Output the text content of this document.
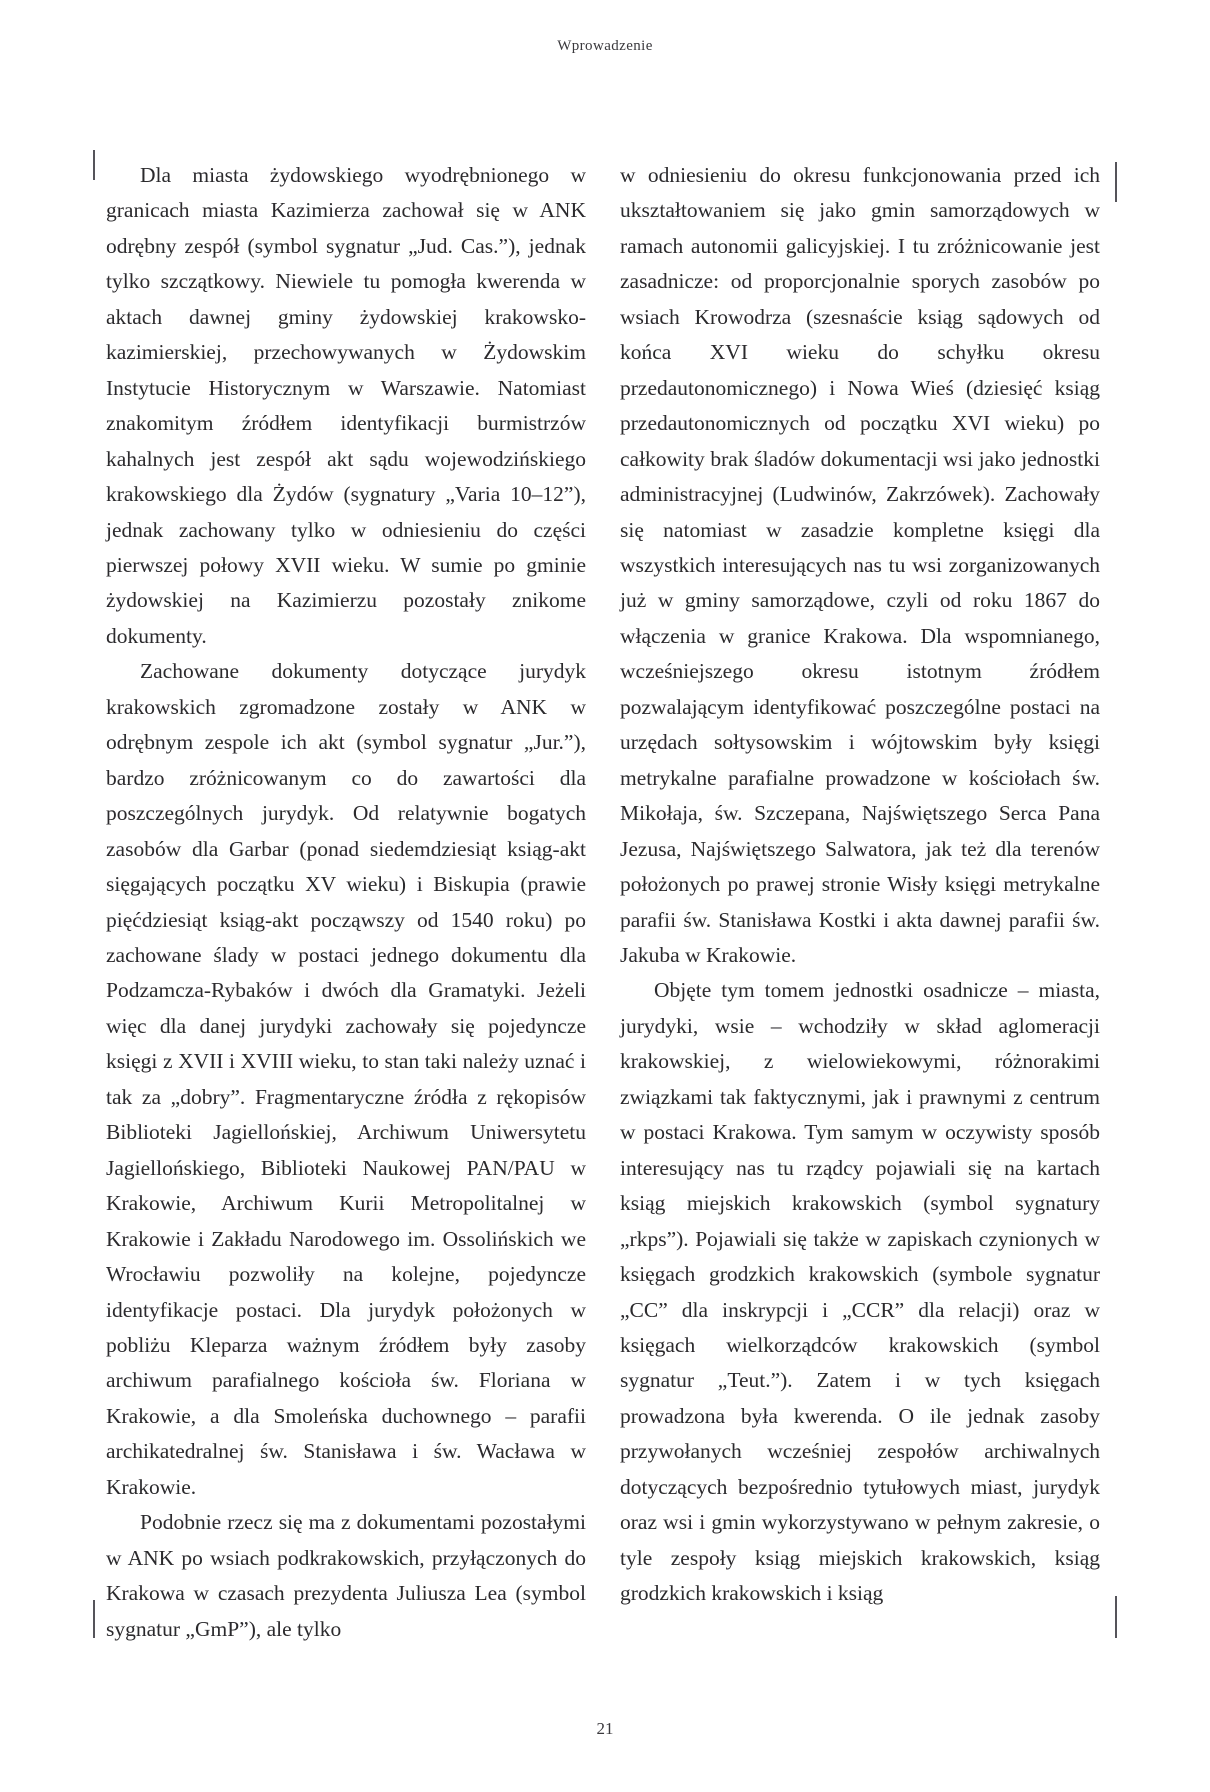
Wprowadzenie

Dla miasta żydowskiego wyodrębnionego w granicach miasta Kazimierza zachował się w ANK odrębny zespół (symbol sygnatur „Jud. Cas.”), jednak tylko szczątkowy. Niewiele tu pomogła kwerenda w aktach dawnej gminy żydowskiej krakowsko-kazimierskiej, przechowywanych w Żydowskim Instytucie Historycznym w Warszawie. Natomiast znakomitym źródłem identyfikacji burmistrzów kahalnych jest zespół akt sądu wojewodzińskiego krakowskiego dla Żydów (sygnatury „Varia 10–12”), jednak zachowany tylko w odniesieniu do części pierwszej połowy XVII wieku. W sumie po gminie żydowskiej na Kazimierzu pozostały znikome dokumenty.

Zachowane dokumenty dotyczące jurydyk krakowskich zgromadzone zostały w ANK w odrębnym zespole ich akt (symbol sygnatur „Jur.”), bardzo zróżnicowanym co do zawartości dla poszczególnych jurydyk. Od relatywnie bogatych zasobów dla Garbar (ponad siedemdziesiąt ksiąg-akt sięgających początku XV wieku) i Biskupia (prawie pięćdziesiąt ksiąg-akt począwszy od 1540 roku) po zachowane ślady w postaci jednego dokumentu dla Podzamcza-Rybaków i dwóch dla Gramatyki. Jeżeli więc dla danej jurydyki zachowały się pojedyncze księgi z XVII i XVIII wieku, to stan taki należy uznać i tak za „dobry”. Fragmentaryczne źródła z rękopisów Biblioteki Jagiellońskiej, Archiwum Uniwersytetu Jagiellońskiego, Biblioteki Naukowej PAN/PAU w Krakowie, Archiwum Kurii Metropolitalnej w Krakowie i Zakładu Narodowego im. Ossolińskich we Wrocławiu pozwoliły na kolejne, pojedyncze identyfikacje postaci. Dla jurydyk położonych w pobliżu Kleparza ważnym źródłem były zasoby archiwum parafialnego kościoła św. Floriana w Krakowie, a dla Smoleńska duchownego – parafii archikatedralnej św. Stanisława i św. Wacława w Krakowie.

Podobnie rzecz się ma z dokumentami pozostałymi w ANK po wsiach podkrakowskich, przyłączonych do Krakowa w czasach prezydenta Juliusza Lea (symbol sygnatur „GmP”), ale tylko

w odniesieniu do okresu funkcjonowania przed ich ukształtowaniem się jako gmin samorządowych w ramach autonomii galicyjskiej. I tu zróżnicowanie jest zasadnicze: od proporcjonalnie sporych zasobów po wsiach Krowodrza (szesnaście ksiąg sądowych od końca XVI wieku do schyłku okresu przedautonomicznego) i Nowa Wieś (dziesięć ksiąg przedautonomicznych od początku XVI wieku) po całkowity brak śladów dokumentacji wsi jako jednostki administracyjnej (Ludwinów, Zakrzówek). Zachowały się natomiast w zasadzie kompletne księgi dla wszystkich interesujących nas tu wsi zorganizowanych już w gminy samorządowe, czyli od roku 1867 do włączenia w granice Krakowa. Dla wspomnianego, wcześniejszego okresu istotnym źródłem pozwalającym identyfikować poszczególne postaci na urzędach sołtysowskim i wójtowskim były księgi metrykalne parafialne prowadzone w kościołach św. Mikołaja, św. Szczepana, Najświętszego Serca Pana Jezusa, Najświętszego Salwatora, jak też dla terenów położonych po prawej stronie Wisły księgi metrykalne parafii św. Stanisława Kostki i akta dawnej parafii św. Jakuba w Krakowie.

Objęte tym tomem jednostki osadnicze – miasta, jurydyki, wsie – wchodziły w skład aglomeracji krakowskiej, z wielowiekowymi, różnorakimi związkami tak faktycznymi, jak i prawnymi z centrum w postaci Krakowa. Tym samym w oczywisty sposób interesujący nas tu rządcy pojawiali się na kartach ksiąg miejskich krakowskich (symbol sygnatury „rkps”). Pojawiali się także w zapiskach czynionych w księgach grodzkich krakowskich (symbole sygnatur „CC” dla inskrypcji i „CCR” dla relacji) oraz w księgach wielkorządców krakowskich (symbol sygnatur „Teut.”). Zatem i w tych księgach prowadzona była kwerenda. O ile jednak zasoby przywołanych wcześniej zespołów archiwalnych dotyczących bezpośrednio tytułowych miast, jurydyk oraz wsi i gmin wykorzystywano w pełnym zakresie, o tyle zespoły ksiąg miejskich krakowskich, ksiąg grodzkich krakowskich i ksiąg

21
